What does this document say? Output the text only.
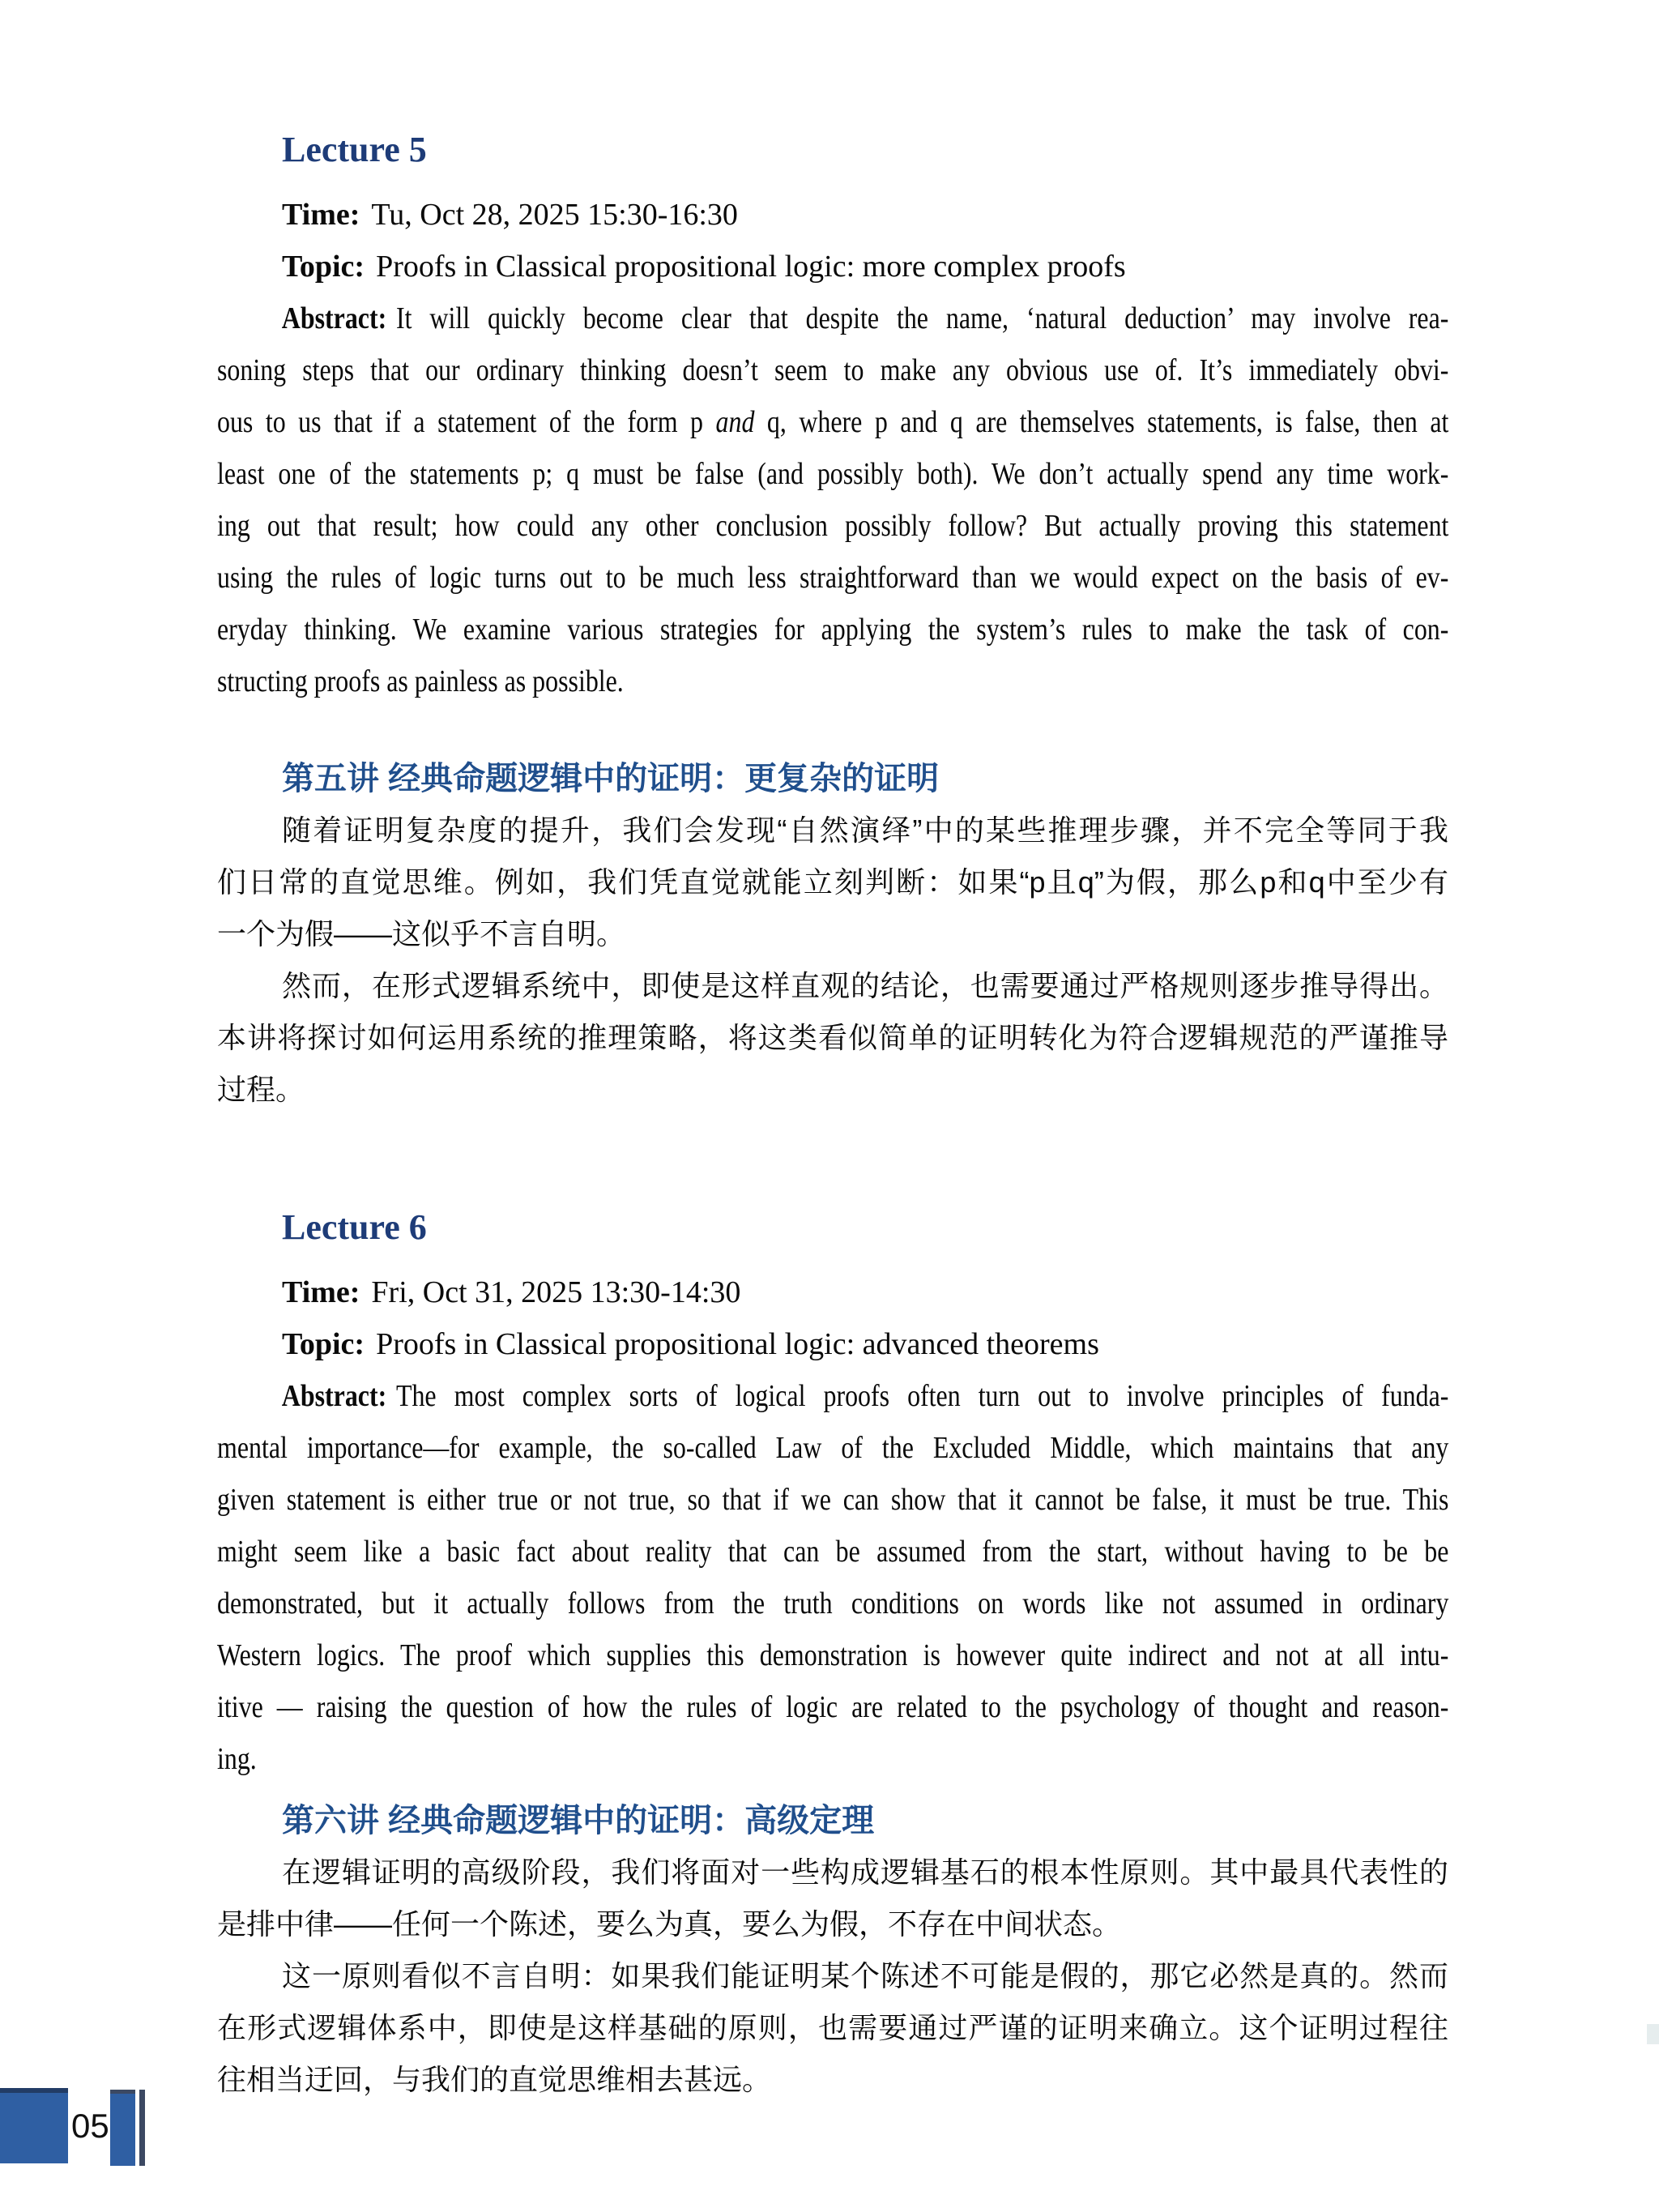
Lecture 5
Time: Tu, Oct 28, 2025 15:30-16:30
Topic: Proofs in Classical propositional logic: more complex proofs
Abstract: It will quickly become clear that despite the name, ‘natural deduction’ may involve rea-
soning steps that our ordinary thinking doesn’t seem to make any obvious use of. It’s immediately obvi-
ous to us that if a statement of the form p and q, where p and q are themselves statements, is false, then at
least one of the statements p; q must be false (and possibly both). We don’t actually spend any time work-
ing out that result; how could any other conclusion possibly follow? But actually proving this statement
using the rules of logic turns out to be much less straightforward than we would expect on the basis of ev-
eryday thinking. We examine various strategies for applying the system’s rules to make the task of con-
structing proofs as painless as possible.

第五讲 经典命题逻辑中的证明：更复杂的证明

随着证明复杂度的提升，我们会发现“自然演绎”中的某些推理步骤，并不完全等同于我
们日常的直觉思维。例如，我们凭直觉就能立刻判断：如果“p且q”为假，那么p和q中至少有
一个为假——这似乎不言自明。
然而，在形式逻辑系统中，即使是这样直观的结论，也需要通过严格规则逐步推导得出。
本讲将探讨如何运用系统的推理策略，将这类看似简单的证明转化为符合逻辑规范的严谨推导
过程。
Lecture 6
Time: Fri, Oct 31, 2025 13:30-14:30
Topic: Proofs in Classical propositional logic: advanced theorems
Abstract: The most complex sorts of logical proofs often turn out to involve principles of funda-
mental importance—for example, the so-called Law of the Excluded Middle, which maintains that any
given statement is either true or not true, so that if we can show that it cannot be false, it must be true. This
might seem like a basic fact about reality that can be assumed from the start, without having to be be
demonstrated, but it actually follows from the truth conditions on words like not assumed in ordinary
Western logics. The proof which supplies this demonstration is however quite indirect and not at all intu-
itive — raising the question of how the rules of logic are related to the psychology of thought and reason-
ing.

第六讲 经典命题逻辑中的证明：高级定理

在逻辑证明的高级阶段，我们将面对一些构成逻辑基石的根本性原则。其中最具代表性的
是排中律——任何一个陈述，要么为真，要么为假，不存在中间状态。
这一原则看似不言自明：如果我们能证明某个陈述不可能是假的，那它必然是真的。然而
在形式逻辑体系中，即使是这样基础的原则，也需要通过严谨的证明来确立。这个证明过程往
往相当迂回，与我们的直觉思维相去甚远。
05
